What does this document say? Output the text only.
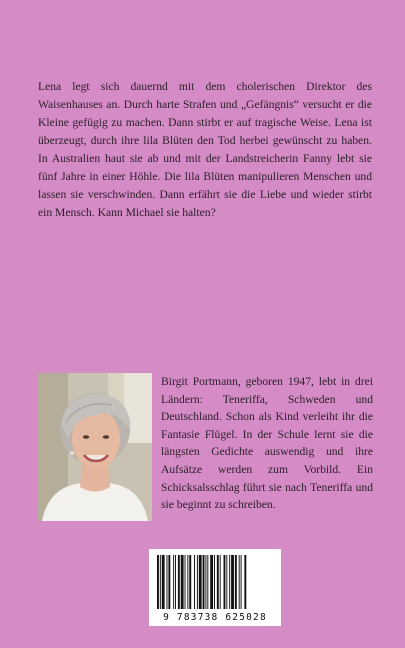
Lena legt sich dauernd mit dem cholerischen Direktor des Waisenhauses an. Durch harte Strafen und „Gefängnis“ versucht er die Kleine gefügig zu machen. Dann stirbt er auf tragische Weise. Lena ist überzeugt, durch ihre lila Blüten den Tod herbei gewünscht zu haben. In Australien haut sie ab und mit der Landstreicherin Fanny lebt sie fünf Jahre in einer Höhle. Die lila Blüten manipulieren Menschen und lassen sie verschwinden. Dann erfährt sie die Liebe und wieder stirbt ein Mensch. Kann Michael sie halten?

Birgit Portmann, geboren 1947, lebt in drei Ländern: Teneriffa, Schweden und Deutschland. Schon als Kind verleiht ihr die Fantasie Flügel. In der Schule lernt sie die längsten Gedichte auswendig und ihre Aufsätze werden zum Vorbild. Ein Schicksalsschlag führt sie nach Teneriffa und sie beginnt zu schreiben.

9 783738 625028
